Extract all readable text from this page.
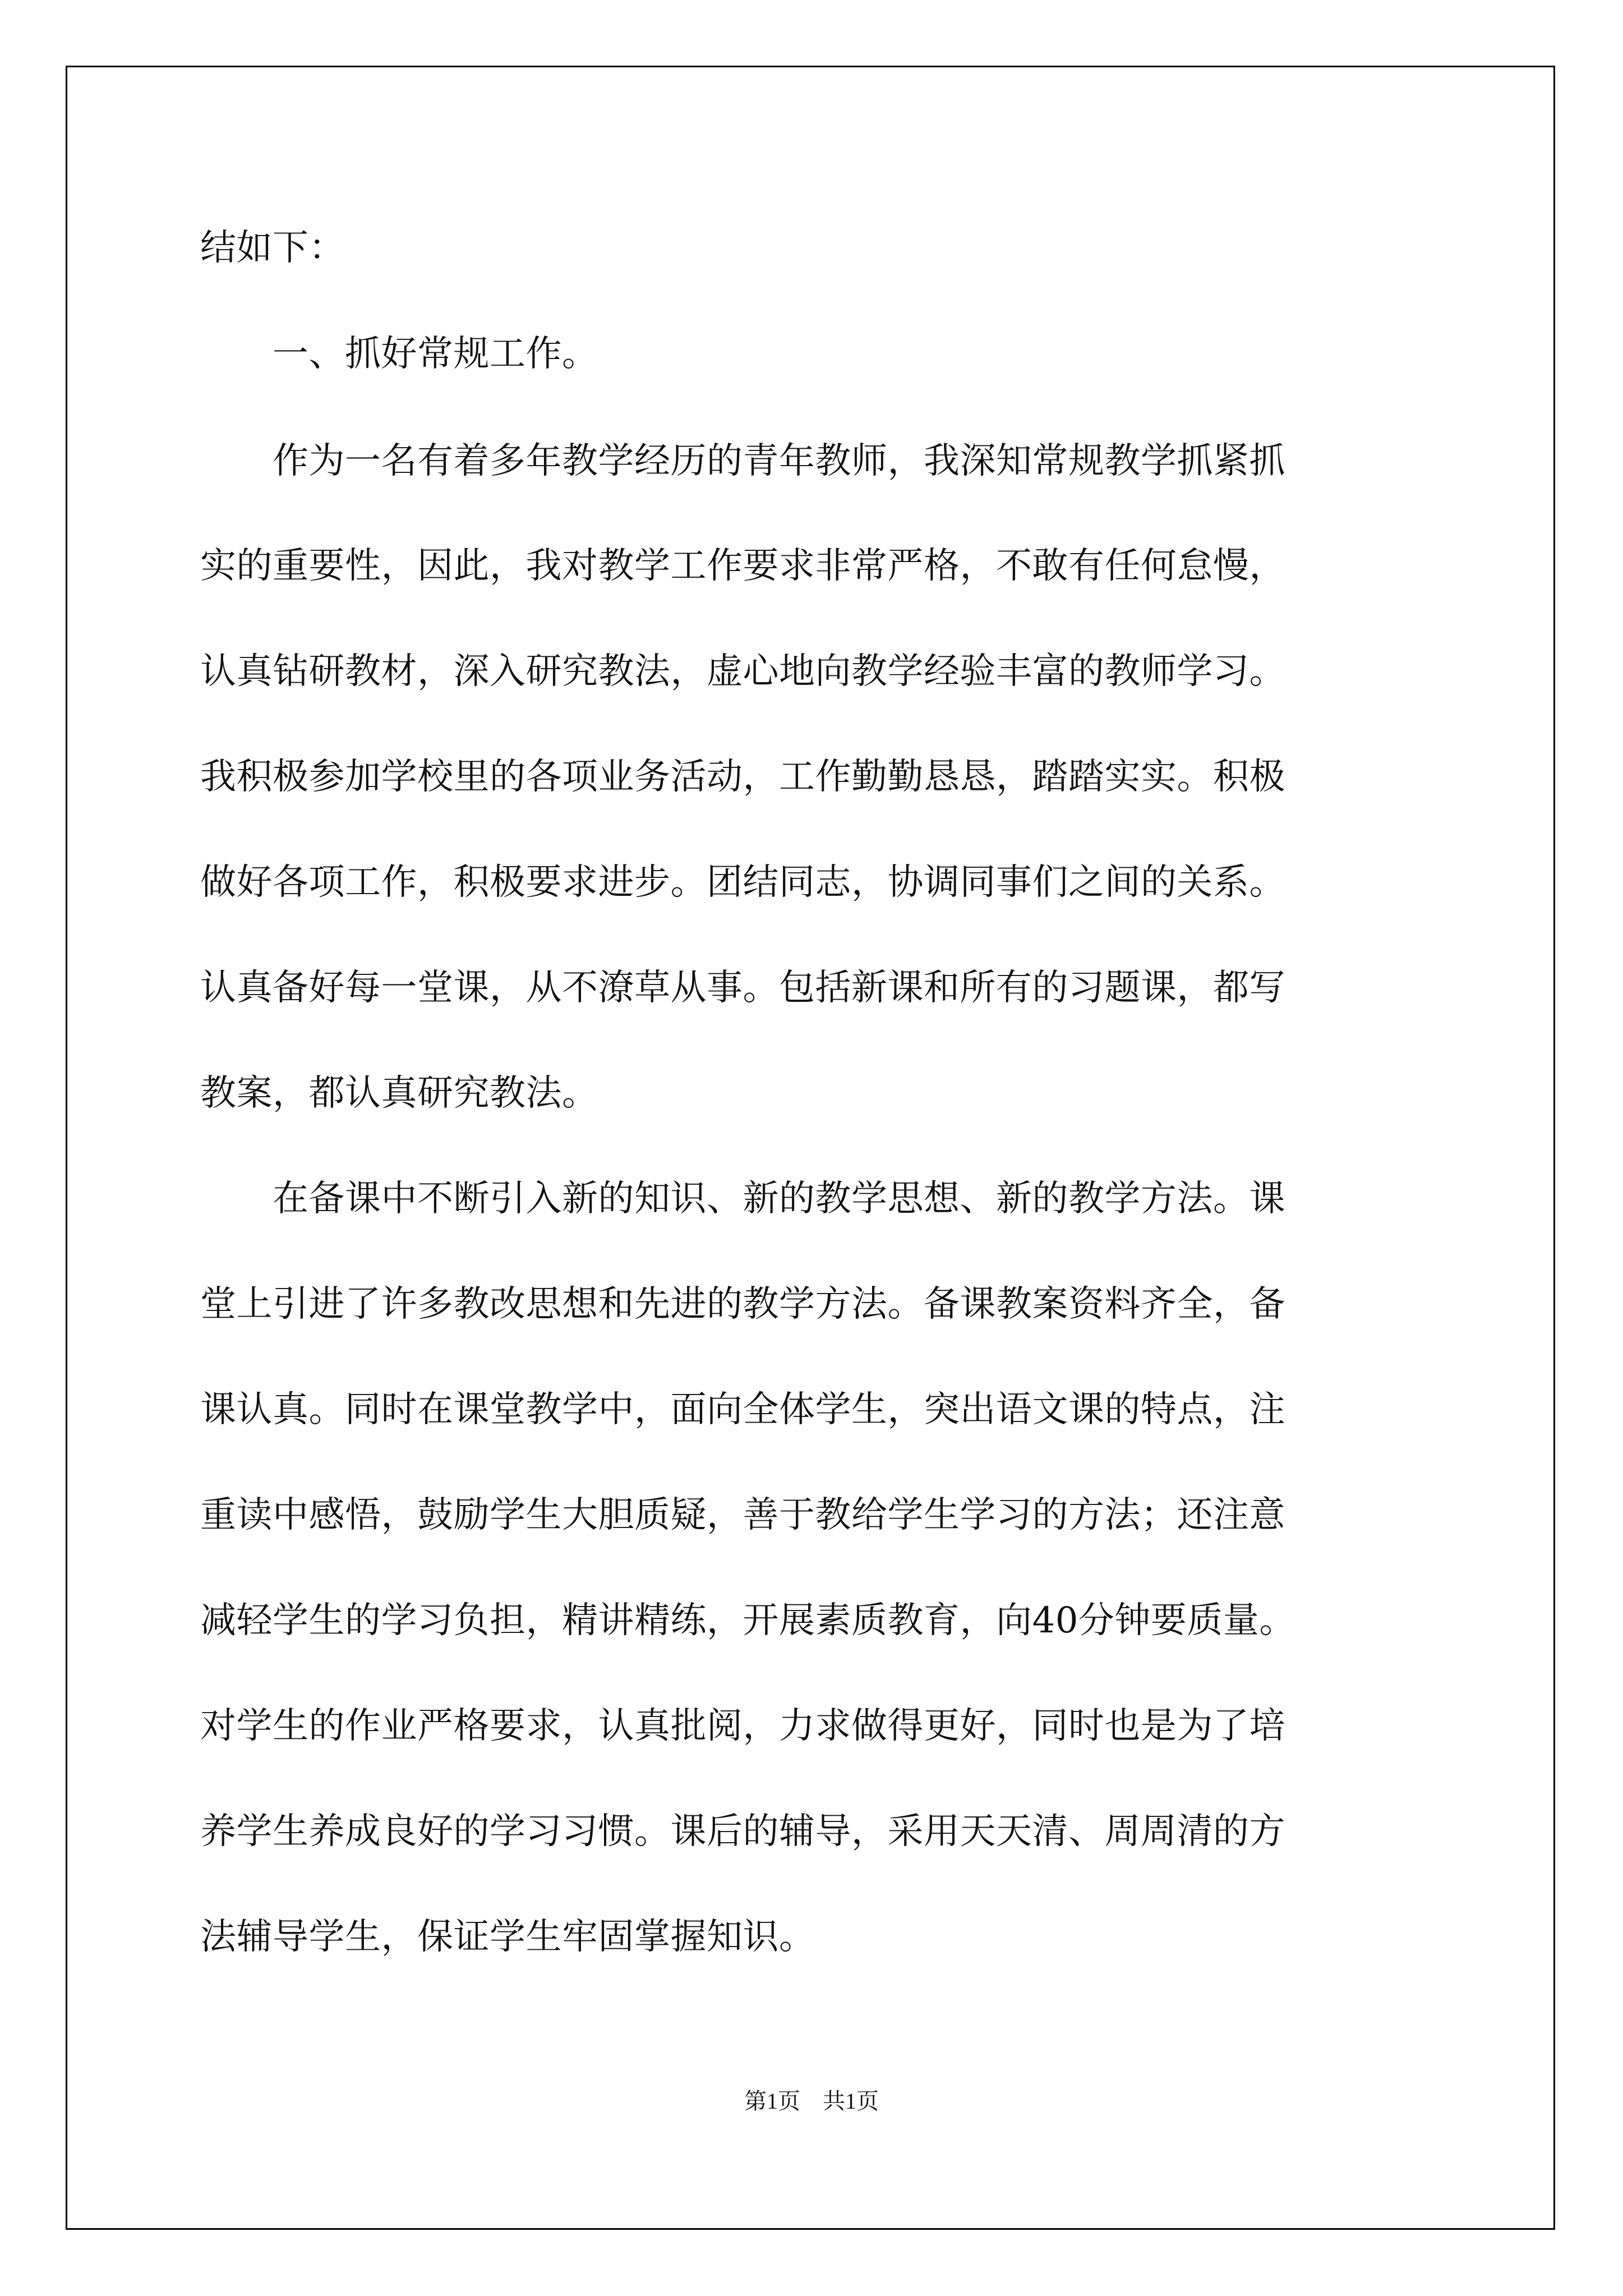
结如下：
　　一、抓好常规工作。
　　作为一名有着多年教学经历的青年教师，我深知常规教学抓紧抓
实的重要性，因此，我对教学工作要求非常严格，不敢有任何怠慢，
认真钻研教材，深入研究教法，虚心地向教学经验丰富的教师学习。
我积极参加学校里的各项业务活动，工作勤勤恳恳，踏踏实实。积极
做好各项工作，积极要求进步。团结同志，协调同事们之间的关系。
认真备好每一堂课，从不潦草从事。包括新课和所有的习题课，都写
教案，都认真研究教法。
　　在备课中不断引入新的知识、新的教学思想、新的教学方法。课
堂上引进了许多教改思想和先进的教学方法。备课教案资料齐全，备
课认真。同时在课堂教学中，面向全体学生，突出语文课的特点，注
重读中感悟，鼓励学生大胆质疑，善于教给学生学习的方法；还注意
减轻学生的学习负担，精讲精练，开展素质教育，向40分钟要质量。
对学生的作业严格要求，认真批阅，力求做得更好，同时也是为了培
养学生养成良好的学习习惯。课后的辅导，采用天天清、周周清的方
法辅导学生，保证学生牢固掌握知识。
第1页　共1页
